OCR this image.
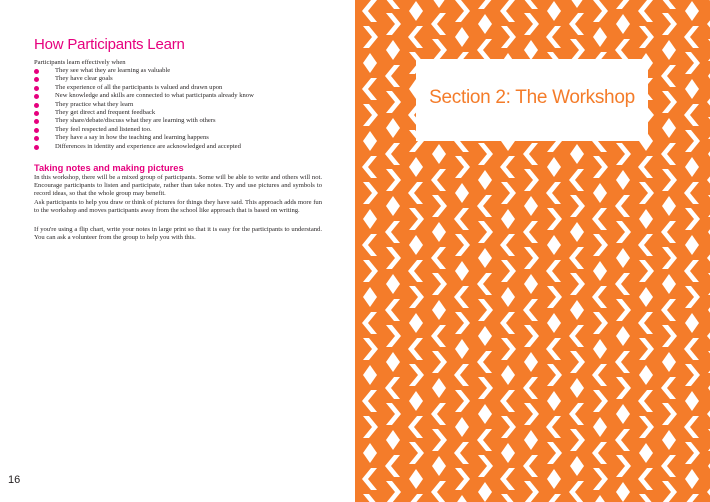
How Participants Learn
Participants learn effectively when
They see what they are learning as valuable
They have clear goals
The experience of all the participants is valued and drawn upon
New knowledge and skills are connected to what participants already know
They practice what they learn
They get direct and frequent feedback
They share/debate/discuss what they are learning with others
They feel respected and listened too.
They have a say in how the teaching and learning happens
Differences in identity and experience are acknowledged and accepted
Taking notes and making pictures

In this workshop, there will be a mixed group of participants. Some will be able to write and others will not. Encourage participants to listen and participate, rather than take notes. Try and use pictures and symbols to record ideas, so that the whole group may benefit.

Ask participants to help you draw or think of pictures for things they have said. This approach adds more fun to the workshop and moves participants away from the school like approach that is based on writing.

If you're using a flip chart, write your notes in large print so that it is easy for the participants to understand. You can ask a volunteer from the group to help you with this.

16
Section 2: The Workshop
